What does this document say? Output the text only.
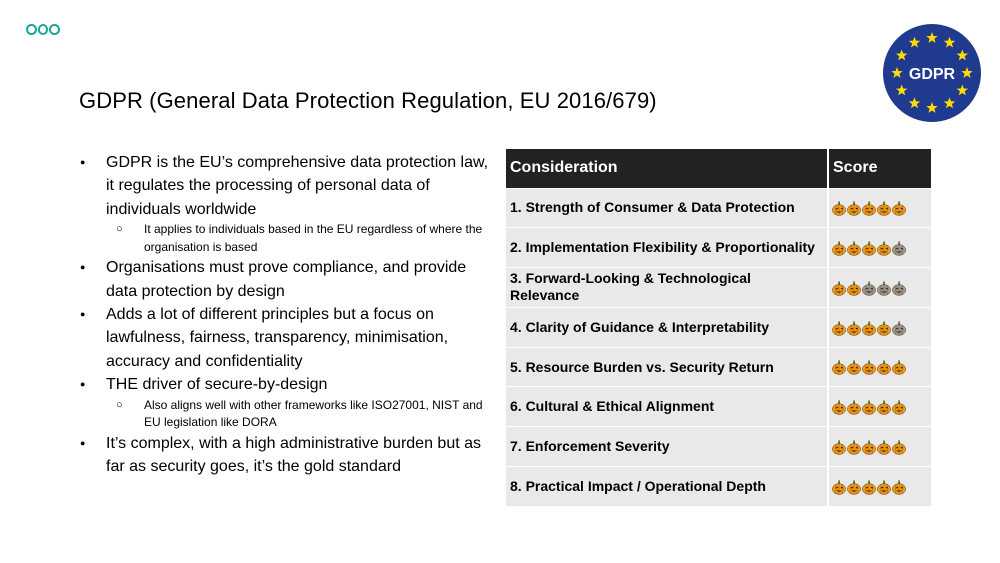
GDPR
GDPR (General Data Protection Regulation, EU 2016/679)
● GDPR is the EU’s comprehensive data protection law, it regulates the processing of personal data of individuals worldwide
○ It applies to individuals based in the EU regardless of where the organisation is based
● Organisations must prove compliance, and provide data protection by design
● Adds a lot of different principles but a focus on lawfulness, fairness, transparency, minimisation, accuracy and confidentiality
● THE driver of secure-by-design
○ Also aligns well with other frameworks like ISO27001, NIST and EU legislation like DORA
● It’s complex, with a high administrative burden but as far as security goes, it’s the gold standard
Consideration	Score
1. Strength of Consumer & Data Protection	
2. Implementation Flexibility & Proportionality	
3. Forward-Looking & Technological Relevance	
4. Clarity of Guidance & Interpretability	
5. Resource Burden vs. Security Return	
6. Cultural & Ethical Alignment	
7. Enforcement Severity	
8. Practical Impact / Operational Depth	
